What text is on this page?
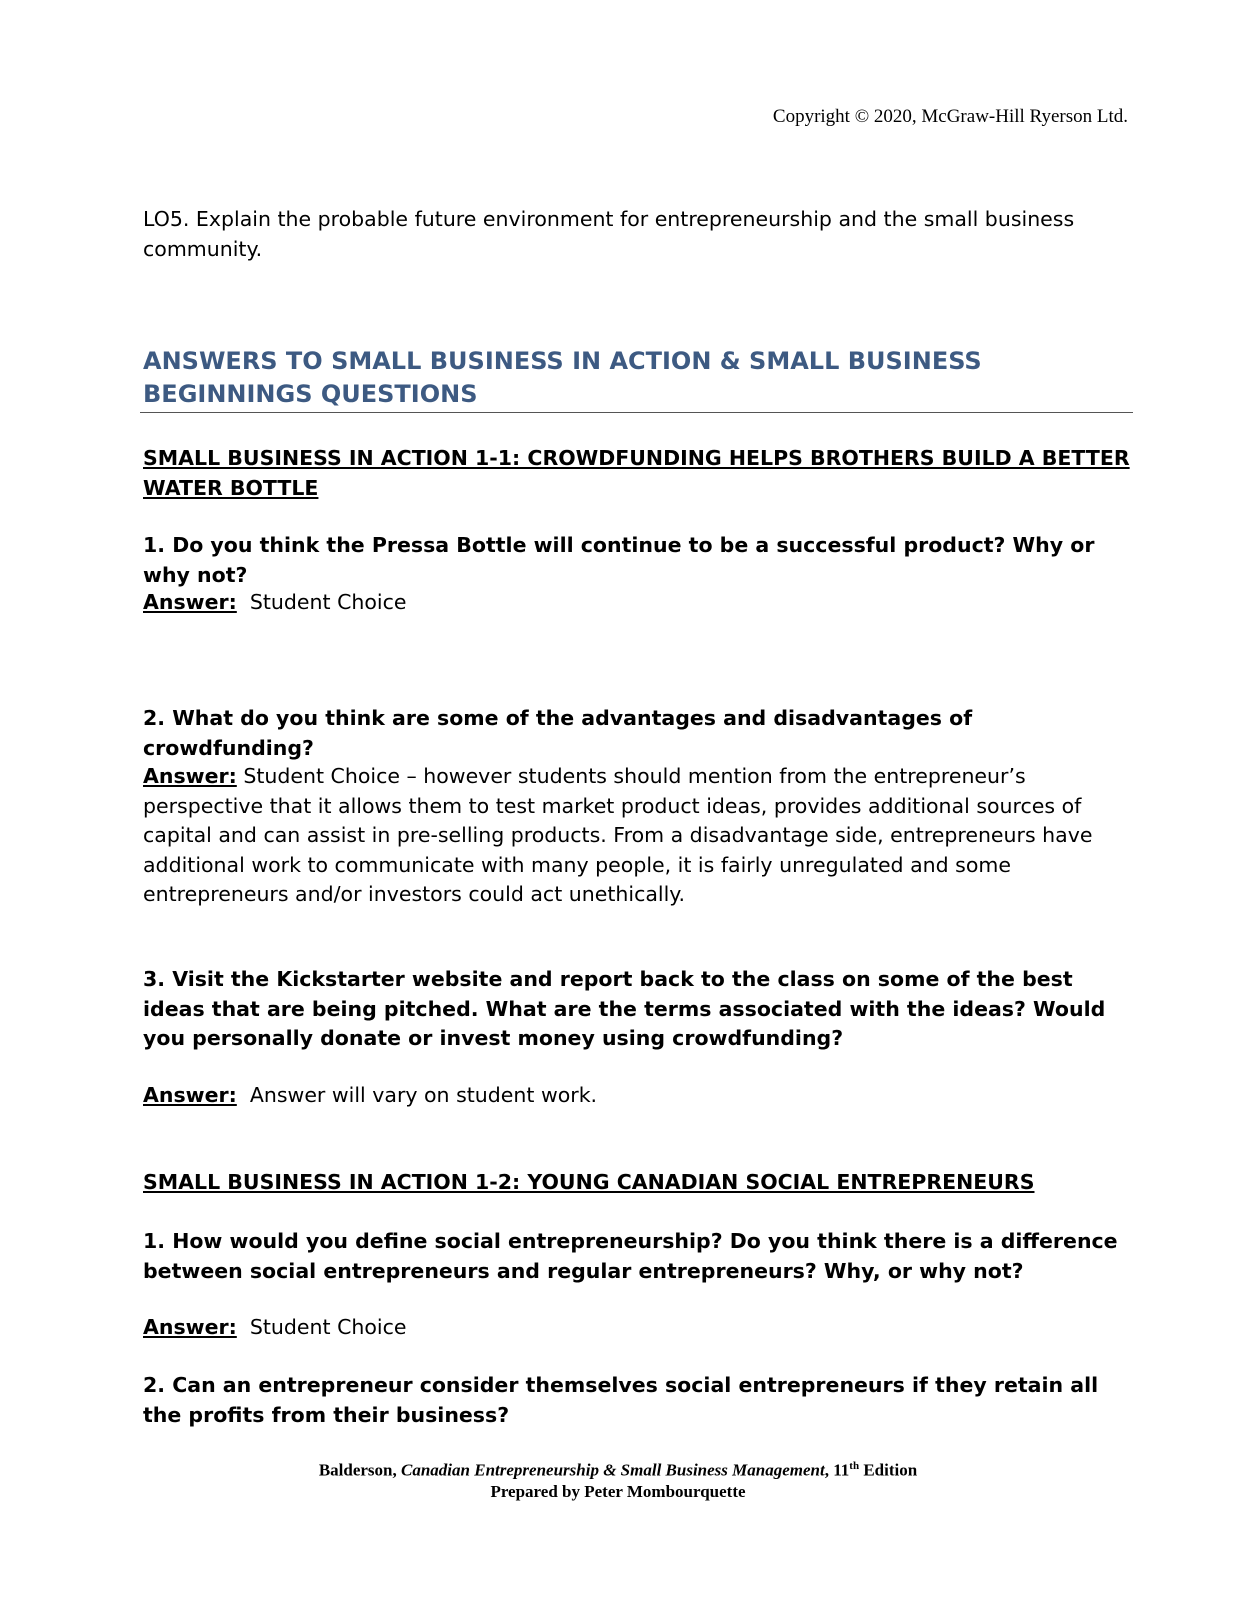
Copyright © 2020, McGraw-Hill Ryerson Ltd.
LO5. Explain the probable future environment for entrepreneurship and the small business community.
ANSWERS TO SMALL BUSINESS IN ACTION & SMALL BUSINESS BEGINNINGS QUESTIONS
SMALL BUSINESS IN ACTION 1-1: CROWDFUNDING HELPS BROTHERS BUILD A BETTER WATER BOTTLE
1. Do you think the Pressa Bottle will continue to be a successful product? Why or why not?
Answer: Student Choice
2. What do you think are some of the advantages and disadvantages of crowdfunding?
Answer: Student Choice – however students should mention from the entrepreneur’s perspective that it allows them to test market product ideas, provides additional sources of capital and can assist in pre-selling products. From a disadvantage side, entrepreneurs have additional work to communicate with many people, it is fairly unregulated and some entrepreneurs and/or investors could act unethically.
3. Visit the Kickstarter website and report back to the class on some of the best ideas that are being pitched. What are the terms associated with the ideas? Would you personally donate or invest money using crowdfunding?
Answer: Answer will vary on student work.
SMALL BUSINESS IN ACTION 1-2: YOUNG CANADIAN SOCIAL ENTREPRENEURS
1. How would you define social entrepreneurship? Do you think there is a difference between social entrepreneurs and regular entrepreneurs? Why, or why not?
Answer: Student Choice
2. Can an entrepreneur consider themselves social entrepreneurs if they retain all the profits from their business?
Balderson, Canadian Entrepreneurship & Small Business Management, 11th Edition
Prepared by Peter Mombourquette
